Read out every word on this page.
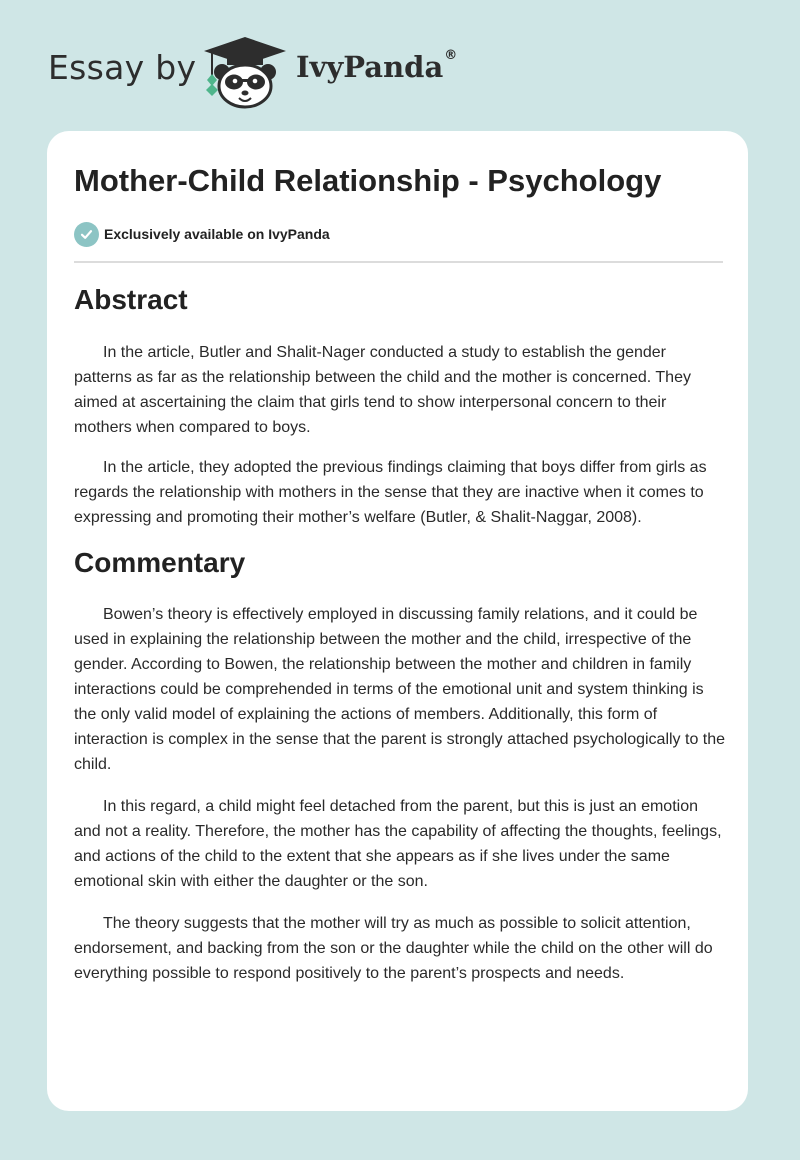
Essay by	IvyPanda®
Mother-Child Relationship - Psychology
Exclusively available on IvyPanda
Abstract

In the article, Butler and Shalit-Nager conducted a study to establish the gender patterns as far as the relationship between the child and the mother is concerned. They aimed at ascertaining the claim that girls tend to show interpersonal concern to their mothers when compared to boys.

In the article, they adopted the previous findings claiming that boys differ from girls as regards the relationship with mothers in the sense that they are inactive when it comes to expressing and promoting their mother’s welfare (Butler, & Shalit-Naggar, 2008).

Commentary

Bowen’s theory is effectively employed in discussing family relations, and it could be used in explaining the relationship between the mother and the child, irrespective of the gender. According to Bowen, the relationship between the mother and children in family interactions could be comprehended in terms of the emotional unit and system thinking is the only valid model of explaining the actions of members. Additionally, this form of interaction is complex in the sense that the parent is strongly attached psychologically to the child.

In this regard, a child might feel detached from the parent, but this is just an emotion and not a reality. Therefore, the mother has the capability of affecting the thoughts, feelings, and actions of the child to the extent that she appears as if she lives under the same emotional skin with either the daughter or the son.

The theory suggests that the mother will try as much as possible to solicit attention, endorsement, and backing from the son or the daughter while the child on the other will do everything possible to respond positively to the parent’s prospects and needs.
